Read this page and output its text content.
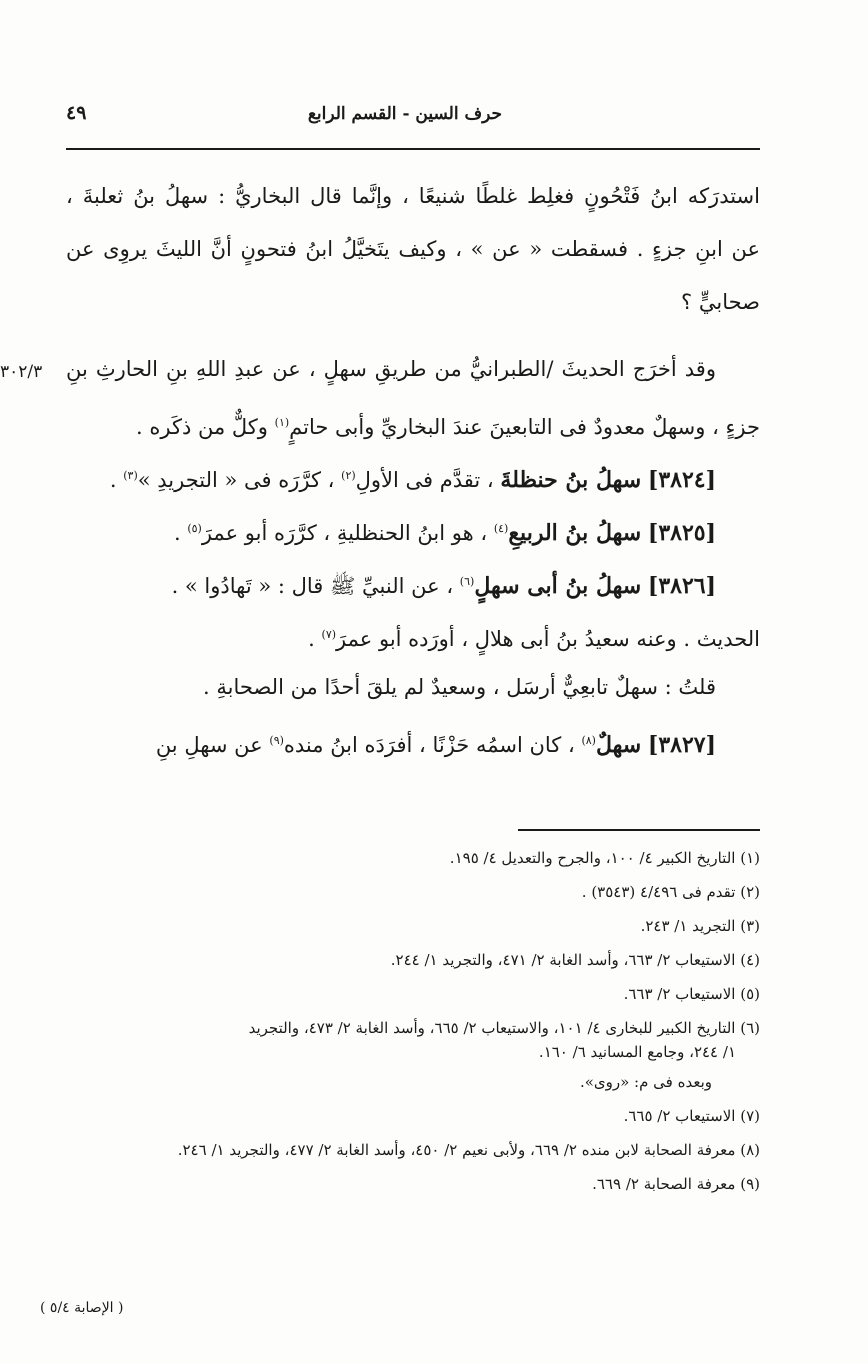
حرف السين - القسم الرابع
٤٩
٣٠٢/٣
استدرَكه ابنُ فَتْحُونٍ فغلِط غلطًا شنيعًا ، وإنَّما قال البخاريُّ : سهلُ بنُ ثعلبةَ ،
عن ابنِ جزءٍ . فسقطت « عن » ، وكيف يتَخيَّلُ ابنُ فتحونٍ أنَّ الليثَ يروِى عن
صحابيٍّ ؟
وقد أخرَج الحديثَ /الطبرانيُّ من طريقِ سهلٍ ، عن عبدِ اللهِ بنِ الحارثِ بنِ
جزءٍ ، وسهلٌ معدودٌ فى التابعينَ عندَ البخاريِّ وأبى حاتمٍ$^{(١)}$ وكلٌّ من ذكَره .
[٣٨٢٤] سهلُ بنُ حنظلةَ ، تقدَّم فى الأولِ$^{(٢)}$ ، كرَّرَه فى « التجريدِ »$^{(٣)}$ .
[٣٨٢٥] سهلُ بنُ الربيعِ$^{(٤)}$ ، هو ابنُ الحنظليةِ ، كرَّرَه أبو عمرَ$^{(٥)}$ .
[٣٨٢٦] سهلُ بنُ أبى سهلٍ$^{(٦)}$ ، عن النبيِّ ﷺ قال : « تَهادُوا » .
الحديث . وعنه سعيدُ بنُ أبى هلالٍ ، أورَده أبو عمرَ$^{(٧)}$ .
قلتُ : سهلٌ تابعِيٌّ أرسَل ، وسعيدٌ لم يلقَ أحدًا من الصحابةِ .
[٣٨٢٧] سهلٌ$^{(٨)}$ ، كان اسمُه حَزْنًا ، أفرَدَه ابنُ منده$^{(٩)}$ عن سهلِ بنِ
(١) التاريخ الكبير ٤/ ١٠٠، والجرح والتعديل ٤/ ١٩٥.
(٢) تقدم فى ٤/٤٩٦ (٣٥٤٣) .
(٣) التجريد ١/ ٢٤٣.
(٤) الاستيعاب ٢/ ٦٦٣، وأسد الغابة ٢/ ٤٧١، والتجريد ١/ ٢٤٤.
(٥) الاستيعاب ٢/ ٦٦٣.
(٦) التاريخ الكبير للبخارى ٤/ ١٠١، والاستيعاب ٢/ ٦٦٥، وأسد الغابة ٢/ ٤٧٣، والتجريد
١/ ٢٤٤، وجامع المسانيد ٦/ ١٦٠.
وبعده فى م: «روى».
(٧) الاستيعاب ٢/ ٦٦٥.
(٨) معرفة الصحابة لابن منده ٢/ ٦٦٩، ولأبى نعيم ٢/ ٤٥٠، وأسد الغابة ٢/ ٤٧٧، والتجريد ١/ ٢٤٦.
(٩) معرفة الصحابة ٢/ ٦٦٩.
( الإصابة ٥/٤ )
